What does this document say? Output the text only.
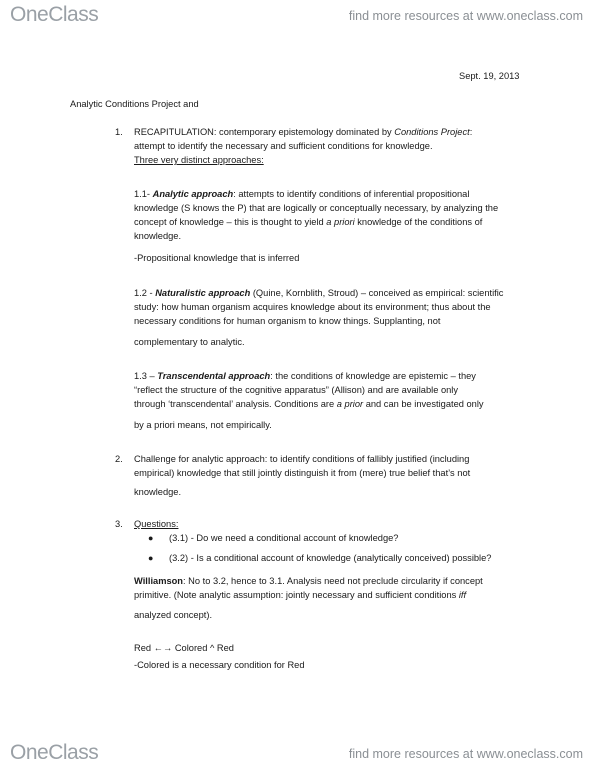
OneClass	find more resources at www.oneclass.com
Sept. 19, 2013
Analytic Conditions Project and
1. RECAPITULATION: contemporary epistemology dominated by Conditions Project:
attempt to identify the necessary and sufficient conditions for knowledge.
Three very distinct approaches:
1.1- Analytic approach: attempts to identify conditions of inferential propositional
knowledge (S knows the P) that are logically or conceptually necessary, by analyzing the
concept of knowledge – this is thought to yield a priori knowledge of the conditions of
knowledge.
-Propositional knowledge that is inferred
1.2 - Naturalistic approach (Quine, Kornblith, Stroud) – conceived as empirical: scientific
study: how human organism acquires knowledge about its environment; thus about the
necessary conditions for human organism to know things. Supplanting, not
complementary to analytic.
1.3 – Transcendental approach: the conditions of knowledge are epistemic – they
“reflect the structure of the cognitive apparatus” (Allison) and are available only
through ‘transcendental’ analysis. Conditions are a prior and can be investigated only
by a priori means, not empirically.
2. Challenge for analytic approach: to identify conditions of fallibly justified (including
empirical) knowledge that still jointly distinguish it from (mere) true belief that’s not
knowledge.
3. Questions:
● (3.1) - Do we need a conditional account of knowledge?
● (3.2) - Is a conditional account of knowledge (analytically conceived) possible?
Williamson: No to 3.2, hence to 3.1. Analysis need not preclude circularity if concept
primitive. (Note analytic assumption: jointly necessary and sufficient conditions iff
analyzed concept).
Red ←→ Colored ^ Red
-Colored is a necessary condition for Red
OneClass	find more resources at www.oneclass.com
